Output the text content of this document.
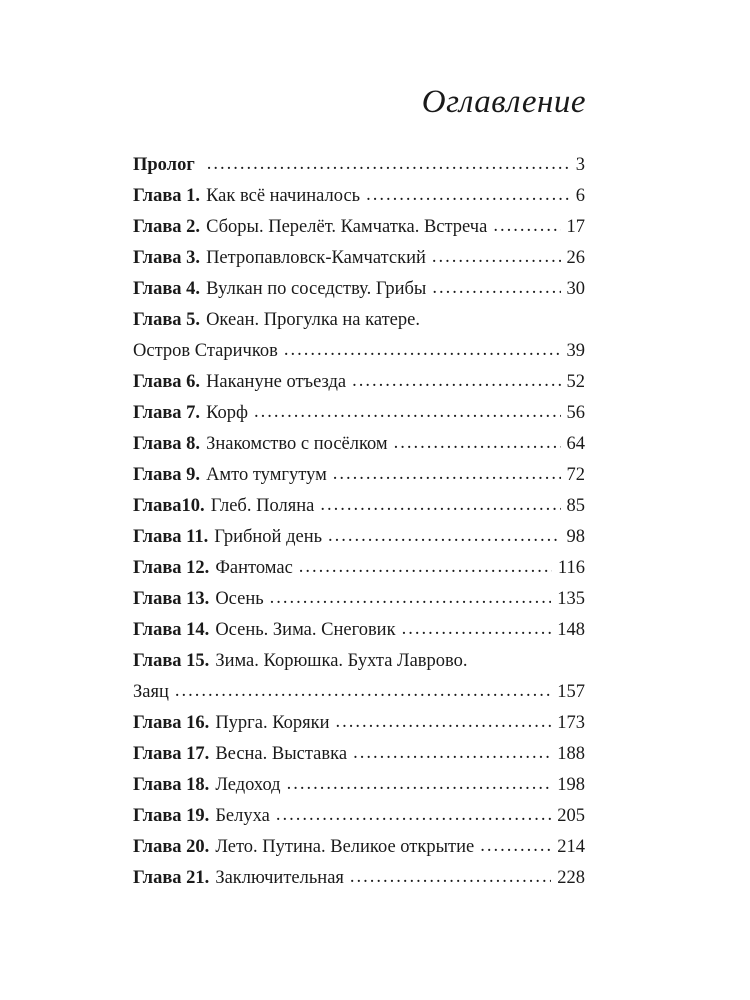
Оглавление
Пролог .....	3
Глава 1. Как всё начиналось .....	6
Глава 2. Сборы. Перелёт. Камчатка. Встреча .....	17
Глава 3. Петропавловск-Камчатский .....	26
Глава 4. Вулкан по соседству. Грибы .....	30
Глава 5. Океан. Прогулка на катере.
Остров Старичков .....	39
Глава 6. Накануне отъезда .....	52
Глава 7. Корф .....	56
Глава 8. Знакомство с посёлком .....	64
Глава 9. Амто тумгутум .....	72
Глава10. Глеб. Поляна .....	85
Глава 11. Грибной день .....	98
Глава 12. Фантомас .....	116
Глава 13. Осень .....	135
Глава 14. Осень. Зима. Снеговик .....	148
Глава 15. Зима. Корюшка. Бухта Лаврово.
Заяц .....	157
Глава 16. Пурга. Коряки .....	173
Глава 17. Весна. Выставка .....	188
Глава 18. Ледоход .....	198
Глава 19. Белуха .....	205
Глава 20. Лето. Путина. Великое открытие .....	214
Глава 21. Заключительная .....	228
